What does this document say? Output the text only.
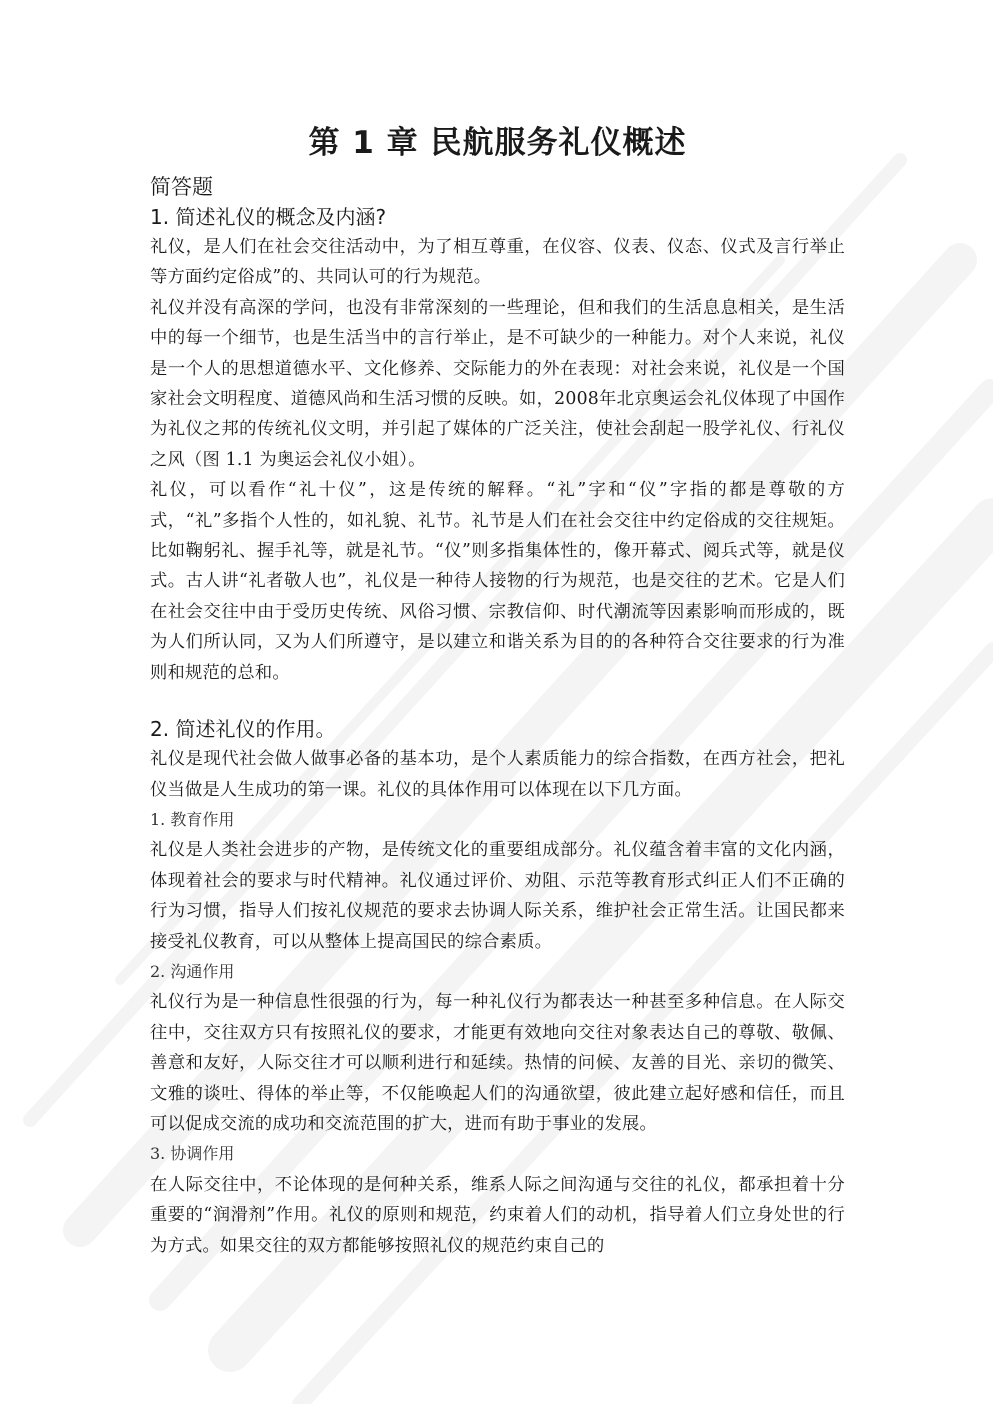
第 1 章 民航服务礼仪概述
简答题
1. 简述礼仪的概念及内涵?

礼仪，是人们在社会交往活动中，为了相互尊重，在仪容、仪表、仪态、仪式及言行举止等方面约定俗成”的、共同认可的行为规范。

礼仪并没有高深的学问，也没有非常深刻的一些理论，但和我们的生活息息相关，是生活中的每一个细节，也是生活当中的言行举止，是不可缺少的一种能力。对个人来说，礼仪是一个人的思想道德水平、文化修养、交际能力的外在表现：对社会来说，礼仪是一个国家社会文明程度、道德风尚和生活习惯的反映。如，2008年北京奥运会礼仪体现了中国作为礼仪之邦的传统礼仪文明，并引起了媒体的广泛关注，使社会刮起一股学礼仪、行礼仪之风（图 1.1 为奥运会礼仪小姐）。

礼仪，可以看作“礼十仪”，这是传统的解释。“礼”字和“仪”字指的都是尊敬的方式，“礼”多指个人性的，如礼貌、礼节。礼节是人们在社会交往中约定俗成的交往规矩。比如鞠躬礼、握手礼等，就是礼节。“仪”则多指集体性的，像开幕式、阅兵式等，就是仪式。古人讲“礼者敬人也”，礼仪是一种待人接物的行为规范，也是交往的艺术。它是人们在社会交往中由于受历史传统、风俗习惯、宗教信仰、时代潮流等因素影响而形成的，既为人们所认同，又为人们所遵守，是以建立和谐关系为目的的各种符合交往要求的行为准则和规范的总和。

2. 简述礼仪的作用。

礼仪是现代社会做人做事必备的基本功，是个人素质能力的综合指数，在西方社会，把礼仪当做是人生成功的第一课。礼仪的具体作用可以体现在以下几方面。

1. 教育作用

礼仪是人类社会进步的产物，是传统文化的重要组成部分。礼仪蕴含着丰富的文化内涵，体现着社会的要求与时代精神。礼仪通过评价、劝阻、示范等教育形式纠正人们不正确的行为习惯，指导人们按礼仪规范的要求去协调人际关系，维护社会正常生活。让国民都来接受礼仪教育，可以从整体上提高国民的综合素质。

2. 沟通作用

礼仪行为是一种信息性很强的行为，每一种礼仪行为都表达一种甚至多种信息。在人际交往中，交往双方只有按照礼仪的要求，才能更有效地向交往对象表达自己的尊敬、敬佩、善意和友好，人际交往才可以顺利进行和延续。热情的问候、友善的目光、亲切的微笑、文雅的谈吐、得体的举止等，不仅能唤起人们的沟通欲望，彼此建立起好感和信任，而且可以促成交流的成功和交流范围的扩大，进而有助于事业的发展。

3. 协调作用

在人际交往中，不论体现的是何种关系，维系人际之间沟通与交往的礼仪，都承担着十分重要的“润滑剂”作用。礼仪的原则和规范，约束着人们的动机，指导着人们立身处世的行为方式。如果交往的双方都能够按照礼仪的规范约束自己的
